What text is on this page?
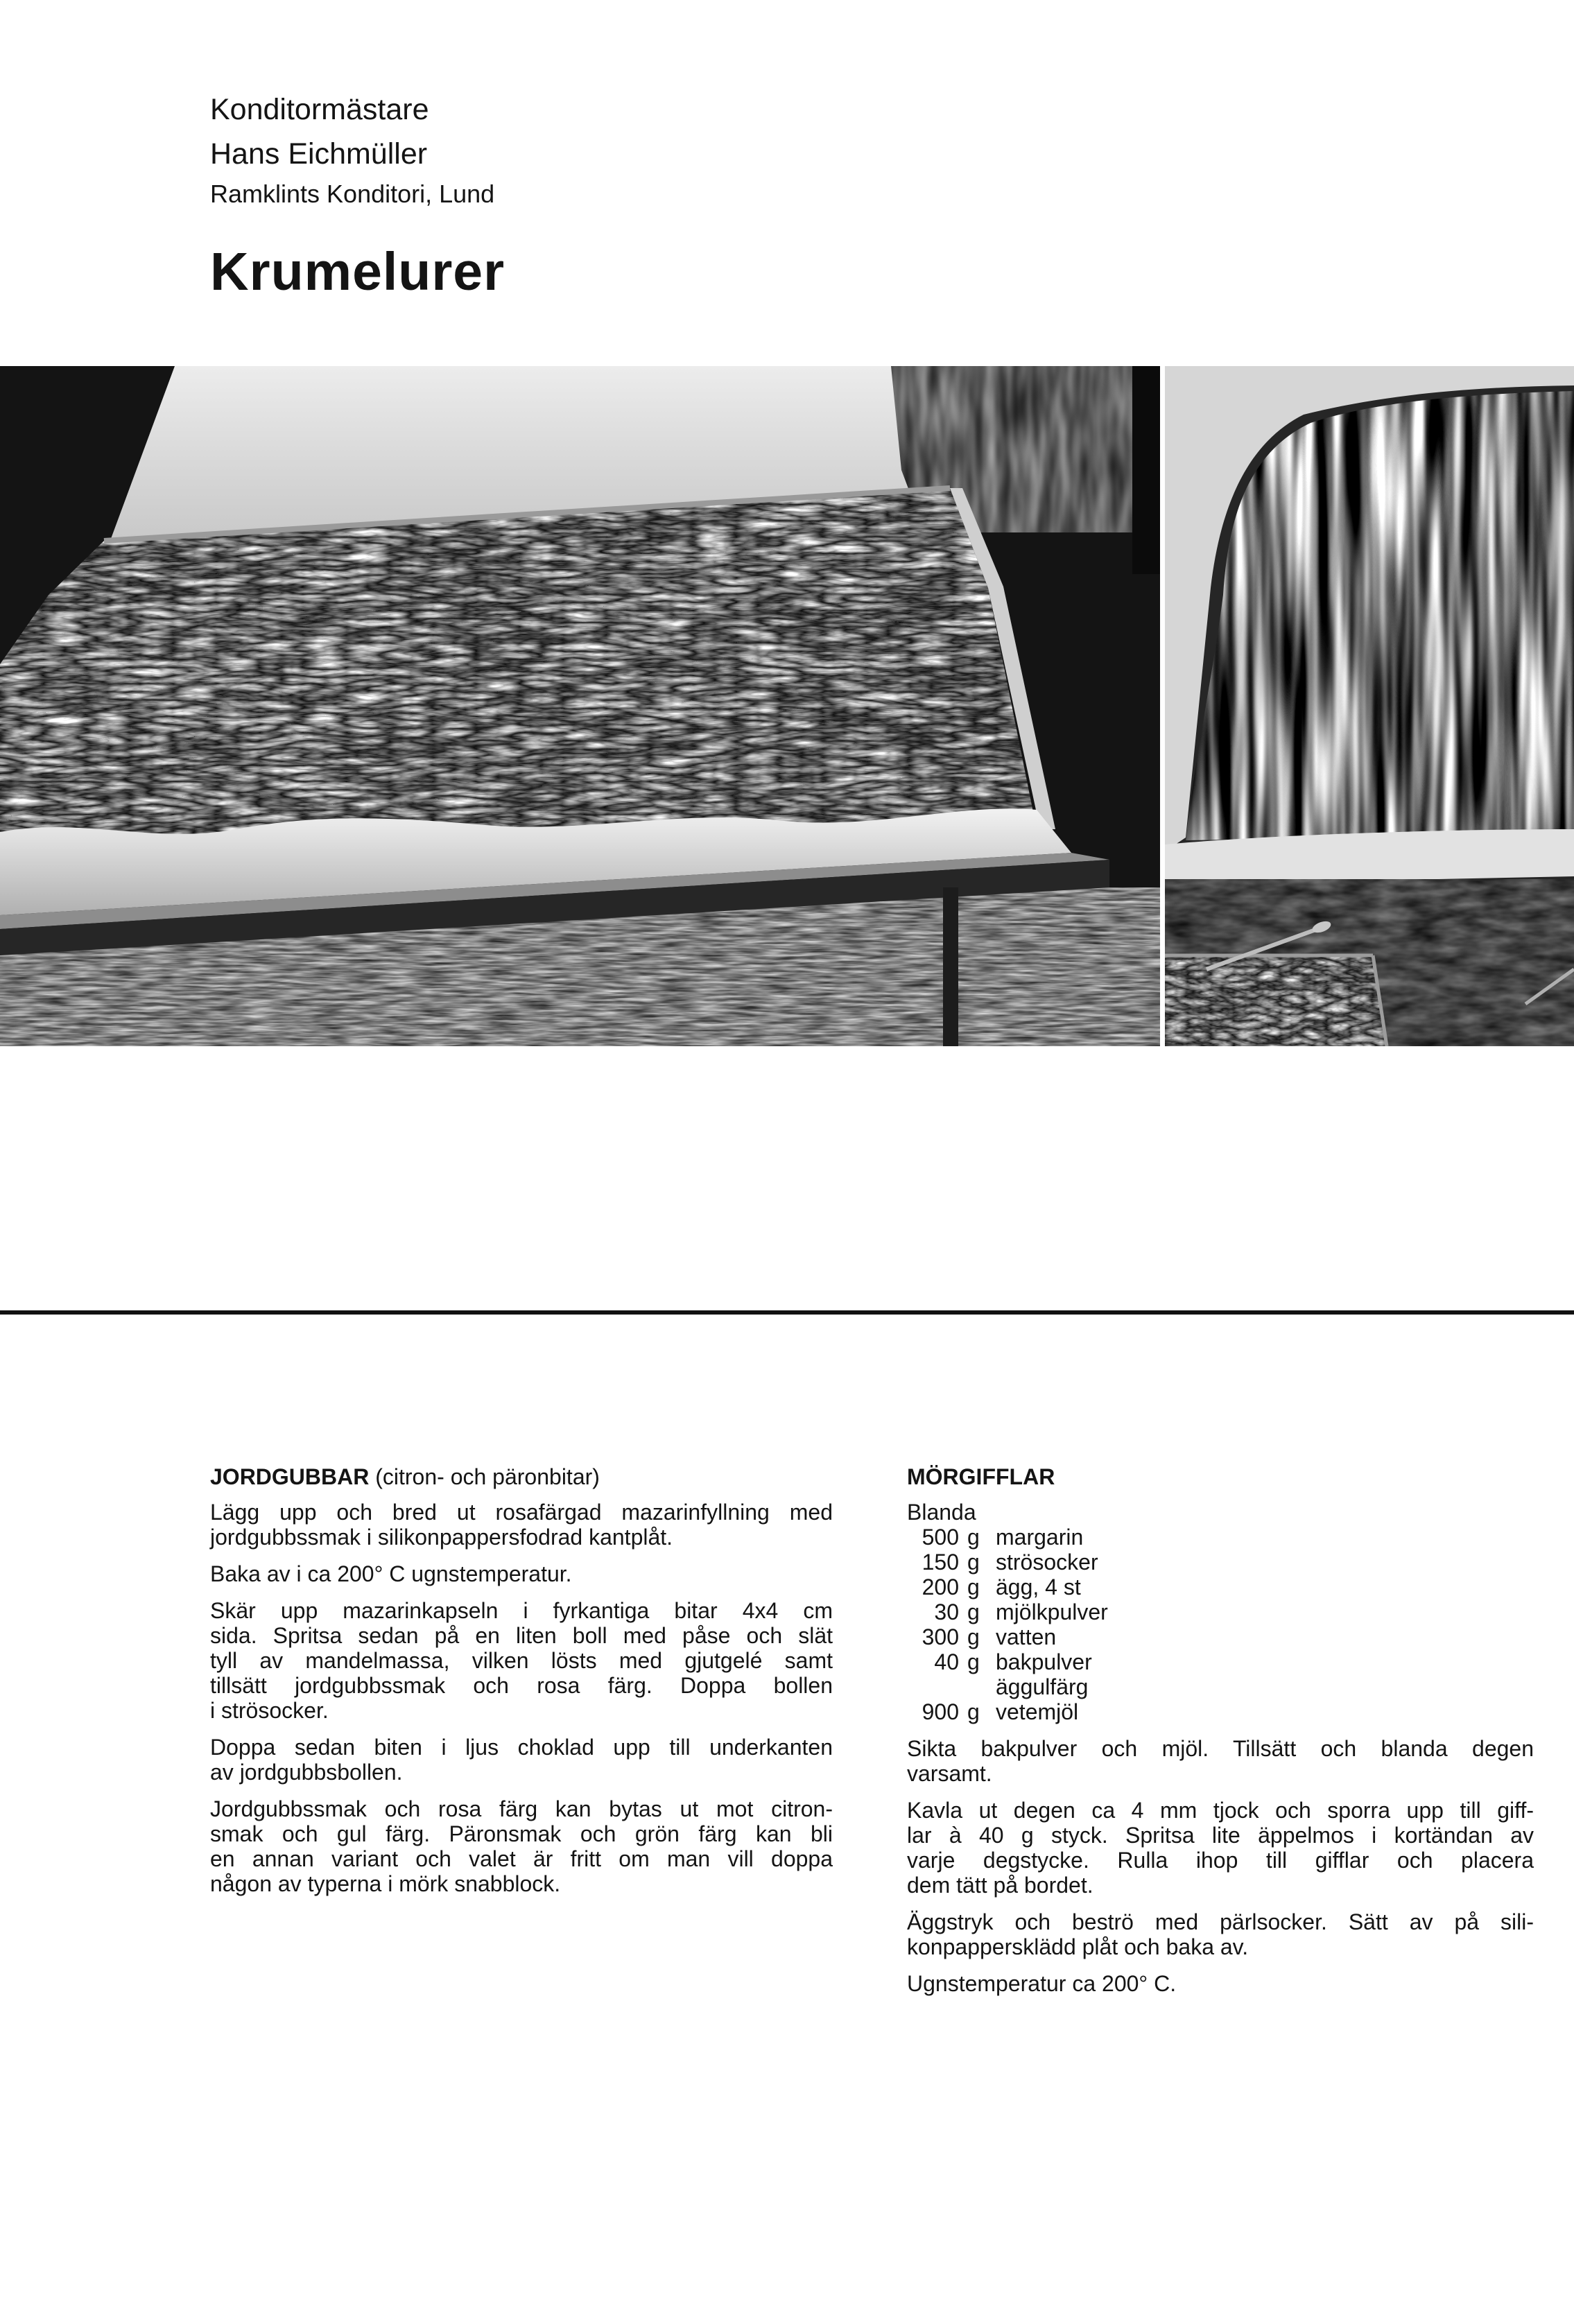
Konditormästare
Hans Eichmüller
Ramklints Konditori, Lund
Krumelurer
JORDGUBBAR (citron- och päronbitar)
Lägg upp och bred ut rosafärgad mazarinfyllning med
jordgubbssmak i silikonpappersfodrad kantplåt.
Baka av i ca 200° C ugnstemperatur.
Skär upp mazarinkapseln i fyrkantiga bitar 4x4 cm
sida. Spritsa sedan på en liten boll med påse och slät
tyll av mandelmassa, vilken lösts med gjutgelé samt
tillsätt jordgubbssmak och rosa färg. Doppa bollen
i strösocker.
Doppa sedan biten i ljus choklad upp till underkanten
av jordgubbsbollen.
Jordgubbssmak och rosa färg kan bytas ut mot citron-
smak och gul färg. Päronsmak och grön färg kan bli
en annan variant och valet är fritt om man vill doppa
någon av typerna i mörk snabblock.
MÖRGIFFLAR
Blanda
500 g margarin
150 g strösocker
200 g ägg, 4 st
30 g mjölkpulver
300 g vatten
40 g bakpulver
äggulfärg
900 g vetemjöl
Sikta bakpulver och mjöl. Tillsätt och blanda degen
varsamt.
Kavla ut degen ca 4 mm tjock och sporra upp till giff-
lar à 40 g styck. Spritsa lite äppelmos i kortändan av
varje degstycke. Rulla ihop till gifflar och placera
dem tätt på bordet.
Äggstryk och beströ med pärlsocker. Sätt av på sili-
konpappersklädd plåt och baka av.
Ugnstemperatur ca 200° C.
